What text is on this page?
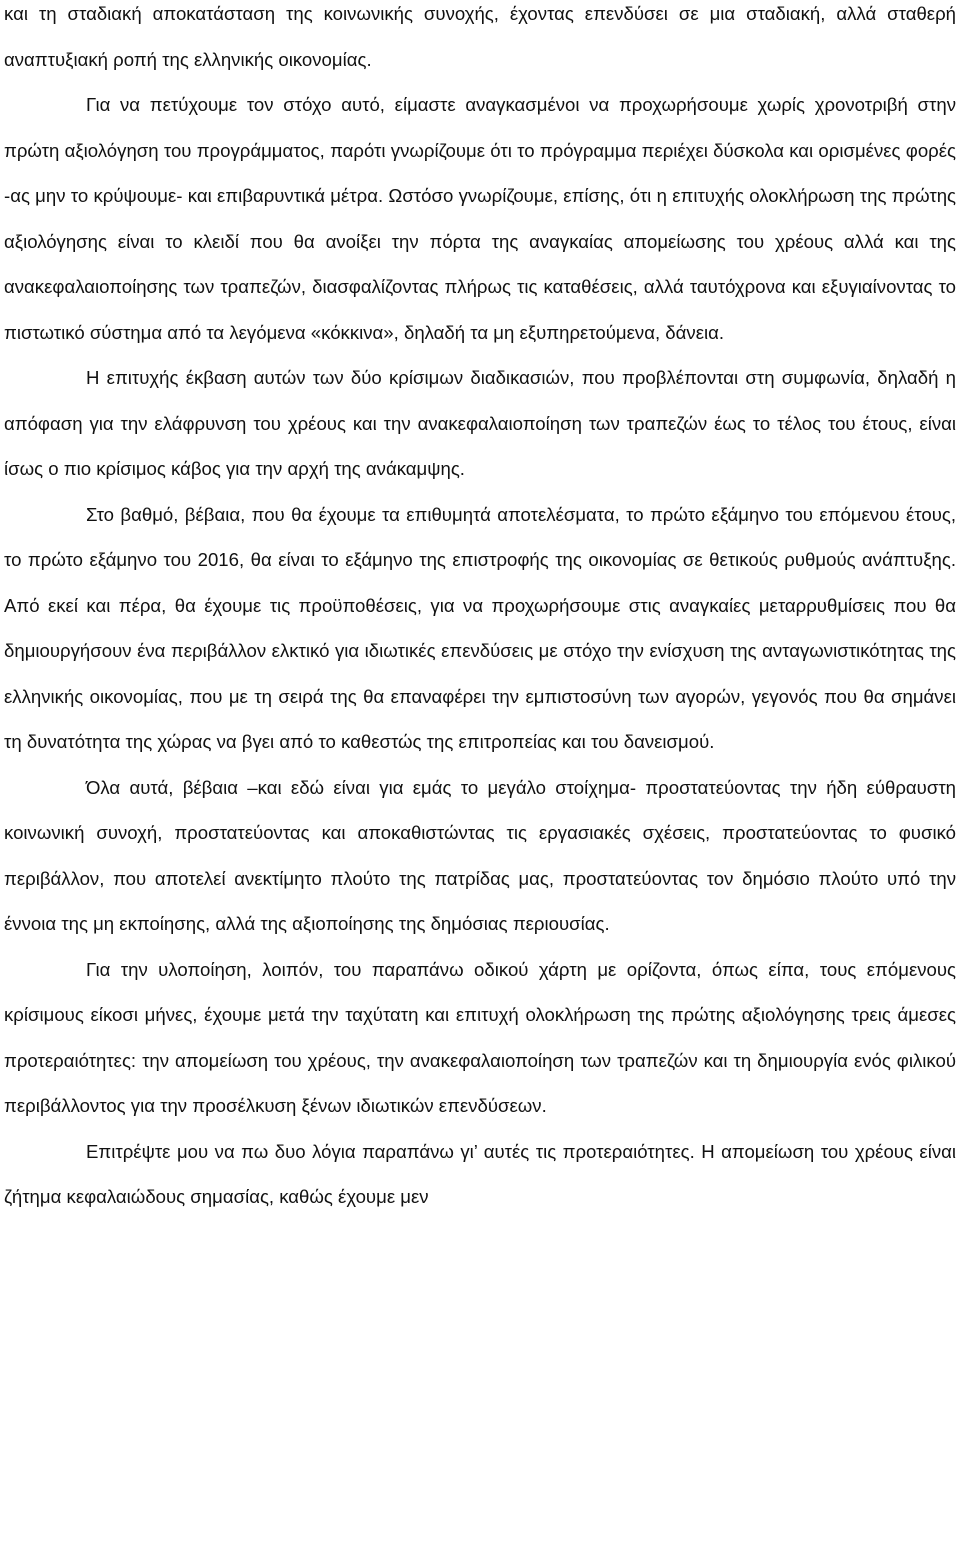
και τη σταδιακή αποκατάσταση της κοινωνικής συνοχής, έχοντας επενδύσει σε μια σταδιακή, αλλά σταθερή αναπτυξιακή ροπή της ελληνικής οικονομίας.

Για να πετύχουμε τον στόχο αυτό, είμαστε αναγκασμένοι να προχωρήσουμε χωρίς χρονοτριβή στην πρώτη αξιολόγηση του προγράμματος, παρότι γνωρίζουμε ότι το πρόγραμμα περιέχει δύσκολα και ορισμένες φορές -ας μην το κρύψουμε- και επιβαρυντικά μέτρα. Ωστόσο γνωρίζουμε, επίσης, ότι η επιτυχής ολοκλήρωση της πρώτης αξιολόγησης είναι το κλειδί που θα ανοίξει την πόρτα της αναγκαίας απομείωσης του χρέους αλλά και της ανακεφαλαιοποίησης των τραπεζών, διασφαλίζοντας πλήρως τις καταθέσεις, αλλά ταυτόχρονα και εξυγιαίνοντας το πιστωτικό σύστημα από τα λεγόμενα «κόκκινα», δηλαδή τα μη εξυπηρετούμενα, δάνεια.

Η επιτυχής έκβαση αυτών των δύο κρίσιμων διαδικασιών, που προβλέπονται στη συμφωνία, δηλαδή η απόφαση για την ελάφρυνση του χρέους και την ανακεφαλαιοποίηση των τραπεζών έως το τέλος του έτους, είναι ίσως ο πιο κρίσιμος κάβος για την αρχή της ανάκαμψης.

Στο βαθμό, βέβαια, που θα έχουμε τα επιθυμητά αποτελέσματα, το πρώτο εξάμηνο του επόμενου έτους, το πρώτο εξάμηνο του 2016, θα είναι το εξάμηνο της επιστροφής της οικονομίας σε θετικούς ρυθμούς ανάπτυξης. Από εκεί και πέρα, θα έχουμε τις προϋποθέσεις, για να προχωρήσουμε στις αναγκαίες μεταρρυθμίσεις που θα δημιουργήσουν ένα περιβάλλον ελκτικό για ιδιωτικές επενδύσεις με στόχο την ενίσχυση της ανταγωνιστικότητας της ελληνικής οικονομίας, που με τη σειρά της θα επαναφέρει την εμπιστοσύνη των αγορών, γεγονός που θα σημάνει τη δυνατότητα της χώρας να βγει από το καθεστώς της επιτροπείας και του δανεισμού.

Όλα αυτά, βέβαια –και εδώ είναι για εμάς το μεγάλο στοίχημα- προστατεύοντας την ήδη εύθραυστη κοινωνική συνοχή, προστατεύοντας και αποκαθιστώντας τις εργασιακές σχέσεις, προστατεύοντας το φυσικό περιβάλλον, που αποτελεί ανεκτίμητο πλούτο της πατρίδας μας, προστατεύοντας τον δημόσιο πλούτο υπό την έννοια της μη εκποίησης, αλλά της αξιοποίησης της δημόσιας περιουσίας.

Για την υλοποίηση, λοιπόν, του παραπάνω οδικού χάρτη με ορίζοντα, όπως είπα, τους επόμενους κρίσιμους είκοσι μήνες, έχουμε μετά την ταχύτατη και επιτυχή ολοκλήρωση της πρώτης αξιολόγησης τρεις άμεσες προτεραιότητες: την απομείωση του χρέους, την ανακεφαλαιοποίηση των τραπεζών και τη δημιουργία ενός φιλικού περιβάλλοντος για την προσέλκυση ξένων ιδιωτικών επενδύσεων.

Επιτρέψτε μου να πω δυο λόγια παραπάνω γι’ αυτές τις προτεραιότητες. Η απομείωση του χρέους είναι ζήτημα κεφαλαιώδους σημασίας, καθώς έχουμε μεν
